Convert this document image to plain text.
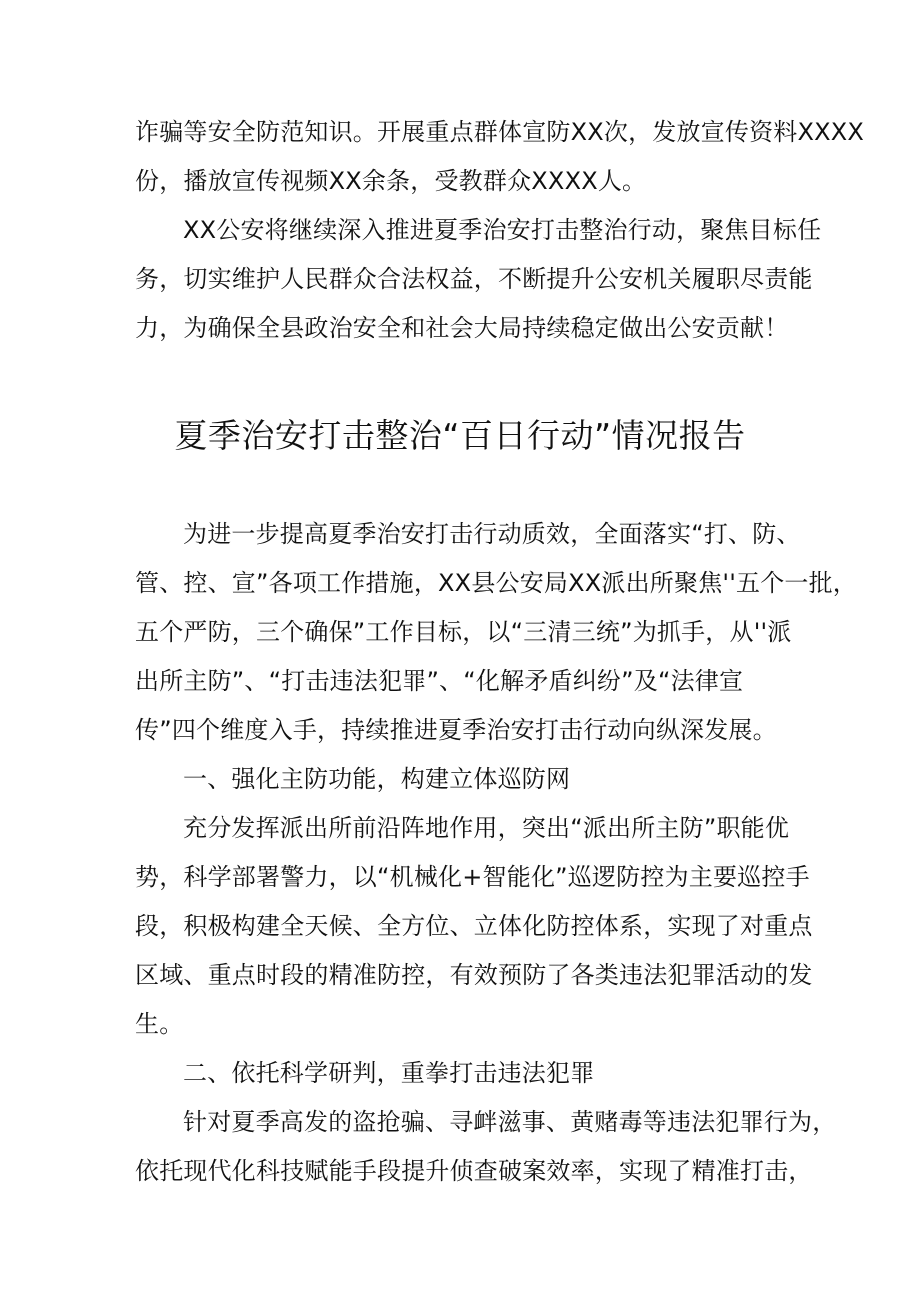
诈骗等安全防范知识。开展重点群体宣防XX次，发放宣传资料XXXX
份，播放宣传视频XX余条，受教群众XXXX人。
XX公安将继续深入推进夏季治安打击整治行动，聚焦目标任
务，切实维护人民群众合法权益，不断提升公安机关履职尽责能
力，为确保全县政治安全和社会大局持续稳定做出公安贡献！
夏季治安打击整治“百日行动”情况报告
为进一步提高夏季治安打击行动质效，全面落实“打、防、
管、控、宣”各项工作措施，XX县公安局XX派出所聚焦''五个一批，
五个严防，三个确保”工作目标，以“三清三统”为抓手，从''派
出所主防”、“打击违法犯罪”、“化解矛盾纠纷”及“法律宣
传”四个维度入手，持续推进夏季治安打击行动向纵深发展。
一、强化主防功能，构建立体巡防网
充分发挥派出所前沿阵地作用，突出“派出所主防”职能优
势，科学部署警力，以“机械化+智能化”巡逻防控为主要巡控手
段，积极构建全天候、全方位、立体化防控体系，实现了对重点
区域、重点时段的精准防控，有效预防了各类违法犯罪活动的发
生。
二、依托科学研判，重拳打击违法犯罪
针对夏季高发的盗抢骗、寻衅滋事、黄赌毒等违法犯罪行为，
依托现代化科技赋能手段提升侦查破案效率，实现了精准打击，
